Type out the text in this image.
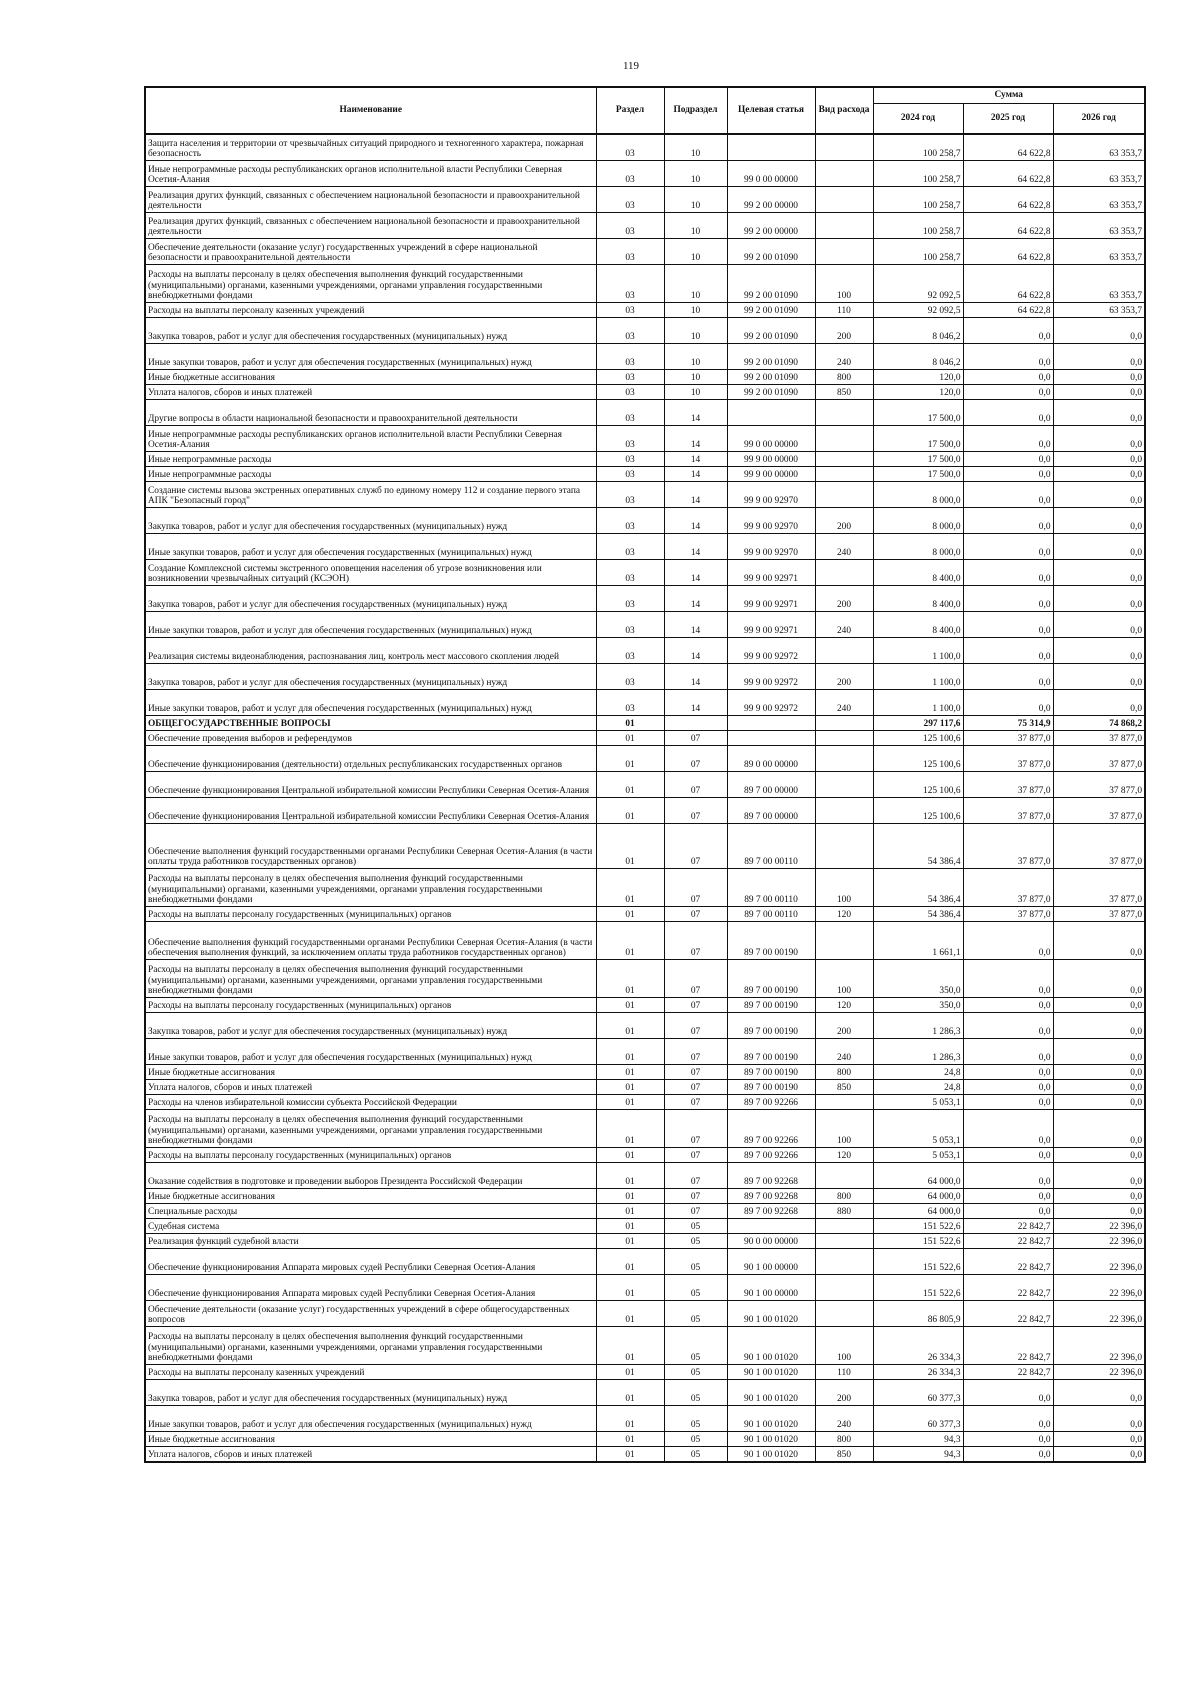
119
Наименование	Раздел	Подраздел	Целевая статья	Вид расхода	Сумма		
					2024 год	2025 год	2026 год
Защита населения и территории от чрезвычайных ситуаций природного и техногенного характера, пожарная безопасность	03	10			100 258,7	64 622,8	63 353,7
Иные непрограммные расходы республиканских органов исполнительной власти Республики Северная Осетия-Алания	03	10	99 0 00 00000		100 258,7	64 622,8	63 353,7
Реализация других функций, связанных с обеспечением национальной безопасности и правоохранительной деятельности	03	10	99 2 00 00000		100 258,7	64 622,8	63 353,7
Реализация других функций, связанных с обеспечением национальной безопасности и правоохранительной деятельности	03	10	99 2 00 00000		100 258,7	64 622,8	63 353,7
Обеспечение деятельности (оказание услуг) государственных учреждений в сфере национальной безопасности и правоохранительной деятельности	03	10	99 2 00 01090		100 258,7	64 622,8	63 353,7
Расходы на выплаты персоналу в целях обеспечения выполнения функций государственными (муниципальными) органами, казенными учреждениями, органами управления государственными внебюджетными фондами	03	10	99 2 00 01090	100	92 092,5	64 622,8	63 353,7
Расходы на выплаты персоналу казенных учреждений	03	10	99 2 00 01090	110	92 092,5	64 622,8	63 353,7
Закупка товаров, работ и услуг для обеспечения государственных (муниципальных) нужд	03	10	99 2 00 01090	200	8 046,2	0,0	0,0
Иные закупки товаров, работ и услуг для обеспечения государственных (муниципальных) нужд	03	10	99 2 00 01090	240	8 046,2	0,0	0,0
Иные бюджетные ассигнования	03	10	99 2 00 01090	800	120,0	0,0	0,0
Уплата налогов, сборов и иных платежей	03	10	99 2 00 01090	850	120,0	0,0	0,0
Другие вопросы в области национальной безопасности и правоохранительной деятельности	03	14			17 500,0	0,0	0,0
Иные непрограммные расходы республиканских органов исполнительной власти Республики Северная Осетия-Алания	03	14	99 0 00 00000		17 500,0	0,0	0,0
Иные непрограммные расходы	03	14	99 9 00 00000		17 500,0	0,0	0,0
Иные непрограммные расходы	03	14	99 9 00 00000		17 500,0	0,0	0,0
Создание системы вызова экстренных оперативных служб по единому номеру 112 и создание первого этапа АПК "Безопасный город"	03	14	99 9 00 92970		8 000,0	0,0	0,0
Закупка товаров, работ и услуг для обеспечения государственных (муниципальных) нужд	03	14	99 9 00 92970	200	8 000,0	0,0	0,0
Иные закупки товаров, работ и услуг для обеспечения государственных (муниципальных) нужд	03	14	99 9 00 92970	240	8 000,0	0,0	0,0
Создание Комплексной системы экстренного оповещения населения об угрозе возникновения или возникновении чрезвычайных ситуаций (КСЭОН)	03	14	99 9 00 92971		8 400,0	0,0	0,0
Закупка товаров, работ и услуг для обеспечения государственных (муниципальных) нужд	03	14	99 9 00 92971	200	8 400,0	0,0	0,0
Иные закупки товаров, работ и услуг для обеспечения государственных (муниципальных) нужд	03	14	99 9 00 92971	240	8 400,0	0,0	0,0
Реализация системы видеонаблюдения, распознавания лиц, контроль мест массового скопления людей	03	14	99 9 00 92972		1 100,0	0,0	0,0
Закупка товаров, работ и услуг для обеспечения государственных (муниципальных) нужд	03	14	99 9 00 92972	200	1 100,0	0,0	0,0
Иные закупки товаров, работ и услуг для обеспечения государственных (муниципальных) нужд	03	14	99 9 00 92972	240	1 100,0	0,0	0,0
ОБЩЕГОСУДАРСТВЕННЫЕ ВОПРОСЫ	01				297 117,6	75 314,9	74 868,2
Обеспечение проведения выборов и референдумов	01	07			125 100,6	37 877,0	37 877,0
Обеспечение функционирования (деятельности) отдельных республиканских государственных органов	01	07	89 0 00 00000		125 100,6	37 877,0	37 877,0
Обеспечение функционирования Центральной избирательной комиссии Республики Северная Осетия-Алания	01	07	89 7 00 00000		125 100,6	37 877,0	37 877,0
Обеспечение функционирования Центральной избирательной комиссии Республики Северная Осетия-Алания	01	07	89 7 00 00000		125 100,6	37 877,0	37 877,0
Обеспечение выполнения функций государственными органами Республики Северная Осетия-Алания (в части оплаты труда работников государственных органов)	01	07	89 7 00 00110		54 386,4	37 877,0	37 877,0
Расходы на выплаты персоналу в целях обеспечения выполнения функций государственными (муниципальными) органами, казенными учреждениями, органами управления государственными внебюджетными фондами	01	07	89 7 00 00110	100	54 386,4	37 877,0	37 877,0
Расходы на выплаты персоналу государственных (муниципальных) органов	01	07	89 7 00 00110	120	54 386,4	37 877,0	37 877,0
Обеспечение выполнения функций государственными органами Республики Северная Осетия-Алания (в части обеспечения выполнения функций, за исключением оплаты труда работников государственных органов)	01	07	89 7 00 00190		1 661,1	0,0	0,0
Расходы на выплаты персоналу в целях обеспечения выполнения функций государственными (муниципальными) органами, казенными учреждениями, органами управления государственными внебюджетными фондами	01	07	89 7 00 00190	100	350,0	0,0	0,0
Расходы на выплаты персоналу государственных (муниципальных) органов	01	07	89 7 00 00190	120	350,0	0,0	0,0
Закупка товаров, работ и услуг для обеспечения государственных (муниципальных) нужд	01	07	89 7 00 00190	200	1 286,3	0,0	0,0
Иные закупки товаров, работ и услуг для обеспечения государственных (муниципальных) нужд	01	07	89 7 00 00190	240	1 286,3	0,0	0,0
Иные бюджетные ассигнования	01	07	89 7 00 00190	800	24,8	0,0	0,0
Уплата налогов, сборов и иных платежей	01	07	89 7 00 00190	850	24,8	0,0	0,0
Расходы на членов избирательной комиссии субъекта Российской Федерации	01	07	89 7 00 92266		5 053,1	0,0	0,0
Расходы на выплаты персоналу в целях обеспечения выполнения функций государственными (муниципальными) органами, казенными учреждениями, органами управления государственными внебюджетными фондами	01	07	89 7 00 92266	100	5 053,1	0,0	0,0
Расходы на выплаты персоналу государственных (муниципальных) органов	01	07	89 7 00 92266	120	5 053,1	0,0	0,0
Оказание содействия в подготовке и проведении выборов Президента Российской Федерации	01	07	89 7 00 92268		64 000,0	0,0	0,0
Иные бюджетные ассигнования	01	07	89 7 00 92268	800	64 000,0	0,0	0,0
Специальные расходы	01	07	89 7 00 92268	880	64 000,0	0,0	0,0
Судебная система	01	05			151 522,6	22 842,7	22 396,0
Реализация функций судебной власти	01	05	90 0 00 00000		151 522,6	22 842,7	22 396,0
Обеспечение функционирования Аппарата мировых судей Республики Северная Осетия-Алания	01	05	90 1 00 00000		151 522,6	22 842,7	22 396,0
Обеспечение функционирования Аппарата мировых судей Республики Северная Осетия-Алания	01	05	90 1 00 00000		151 522,6	22 842,7	22 396,0
Обеспечение деятельности (оказание услуг) государственных учреждений в сфере общегосударственных вопросов	01	05	90 1 00 01020		86 805,9	22 842,7	22 396,0
Расходы на выплаты персоналу в целях обеспечения выполнения функций государственными (муниципальными) органами, казенными учреждениями, органами управления государственными внебюджетными фондами	01	05	90 1 00 01020	100	26 334,3	22 842,7	22 396,0
Расходы на выплаты персоналу казенных учреждений	01	05	90 1 00 01020	110	26 334,3	22 842,7	22 396,0
Закупка товаров, работ и услуг для обеспечения государственных (муниципальных) нужд	01	05	90 1 00 01020	200	60 377,3	0,0	0,0
Иные закупки товаров, работ и услуг для обеспечения государственных (муниципальных) нужд	01	05	90 1 00 01020	240	60 377,3	0,0	0,0
Иные бюджетные ассигнования	01	05	90 1 00 01020	800	94,3	0,0	0,0
Уплата налогов, сборов и иных платежей	01	05	90 1 00 01020	850	94,3	0,0	0,0
